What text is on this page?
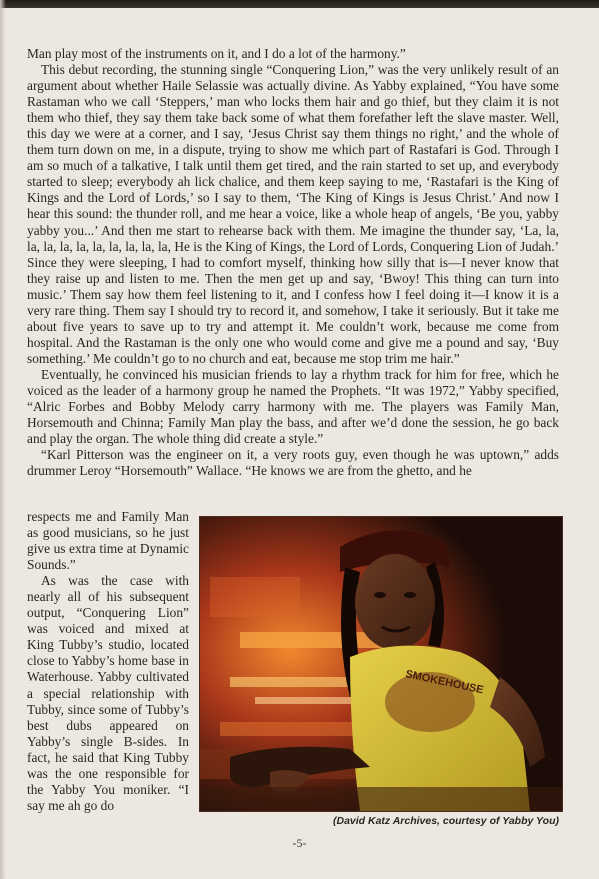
Man play most of the instruments on it, and I do a lot of the harmony.”

This debut recording, the stunning single “Conquering Lion,” was the very unlikely result of an argument about whether Haile Selassie was actually divine. As Yabby explained, “You have some Rastaman who we call ‘Steppers,’ man who locks them hair and go thief, but they claim it is not them who thief, they say them take back some of what them forefather left the slave master. Well, this day we were at a corner, and I say, ‘Jesus Christ say them things no right,’ and the whole of them turn down on me, in a dispute, trying to show me which part of Rastafari is God. Through I am so much of a talkative, I talk until them get tired, and the rain started to set up, and everybody started to sleep; everybody ah lick chalice, and them keep saying to me, ‘Rastafari is the King of Kings and the Lord of Lords,’ so I say to them, ‘The King of Kings is Jesus Christ.’ And now I hear this sound: the thunder roll, and me hear a voice, like a whole heap of angels, ‘Be you, yabby yabby you...’ And then me start to rehearse back with them. Me imagine the thunder say, ‘La, la, la, la, la, la, la, la, la, la, la, He is the King of Kings, the Lord of Lords, Conquering Lion of Judah.’ Since they were sleeping, I had to comfort myself, thinking how silly that is—I never know that they raise up and listen to me. Then the men get up and say, ‘Bwoy! This thing can turn into music.’ Them say how them feel listening to it, and I confess how I feel doing it—I know it is a very rare thing. Them say I should try to record it, and somehow, I take it seriously. But it take me about five years to save up to try and attempt it. Me couldn’t work, because me come from hospital. And the Rastaman is the only one who would come and give me a pound and say, ‘Buy something.’ Me couldn’t go to no church and eat, because me stop trim me hair.”

Eventually, he convinced his musician friends to lay a rhythm track for him for free, which he voiced as the leader of a harmony group he named the Prophets. “It was 1972,” Yabby specified, “Alric Forbes and Bobby Melody carry harmony with me. The players was Family Man, Horsemouth and Chinna; Family Man play the bass, and after we’d done the session, he go back and play the organ. The whole thing did create a style.”

“Karl Pitterson was the engineer on it, a very roots guy, even though he was uptown,” adds drummer Leroy “Horsemouth” Wallace. “He knows we are from the ghetto, and he

respects me and Family Man as good musicians, so he just give us extra time at Dynamic Sounds.”

As was the case with nearly all of his subsequent output, “Conquering Lion” was voiced and mixed at King Tubby’s studio, located close to Yabby’s home base in Waterhouse. Yabby cultivated a special relationship with Tubby, since some of Tubby’s best dubs appeared on Yabby’s single B-sides. In fact, he said that King Tubby was the one responsible for the Yabby You moniker. “I say me ah go do

SMOKEHOUSE
(David Katz Archives, courtesy of Yabby You)
-5-
